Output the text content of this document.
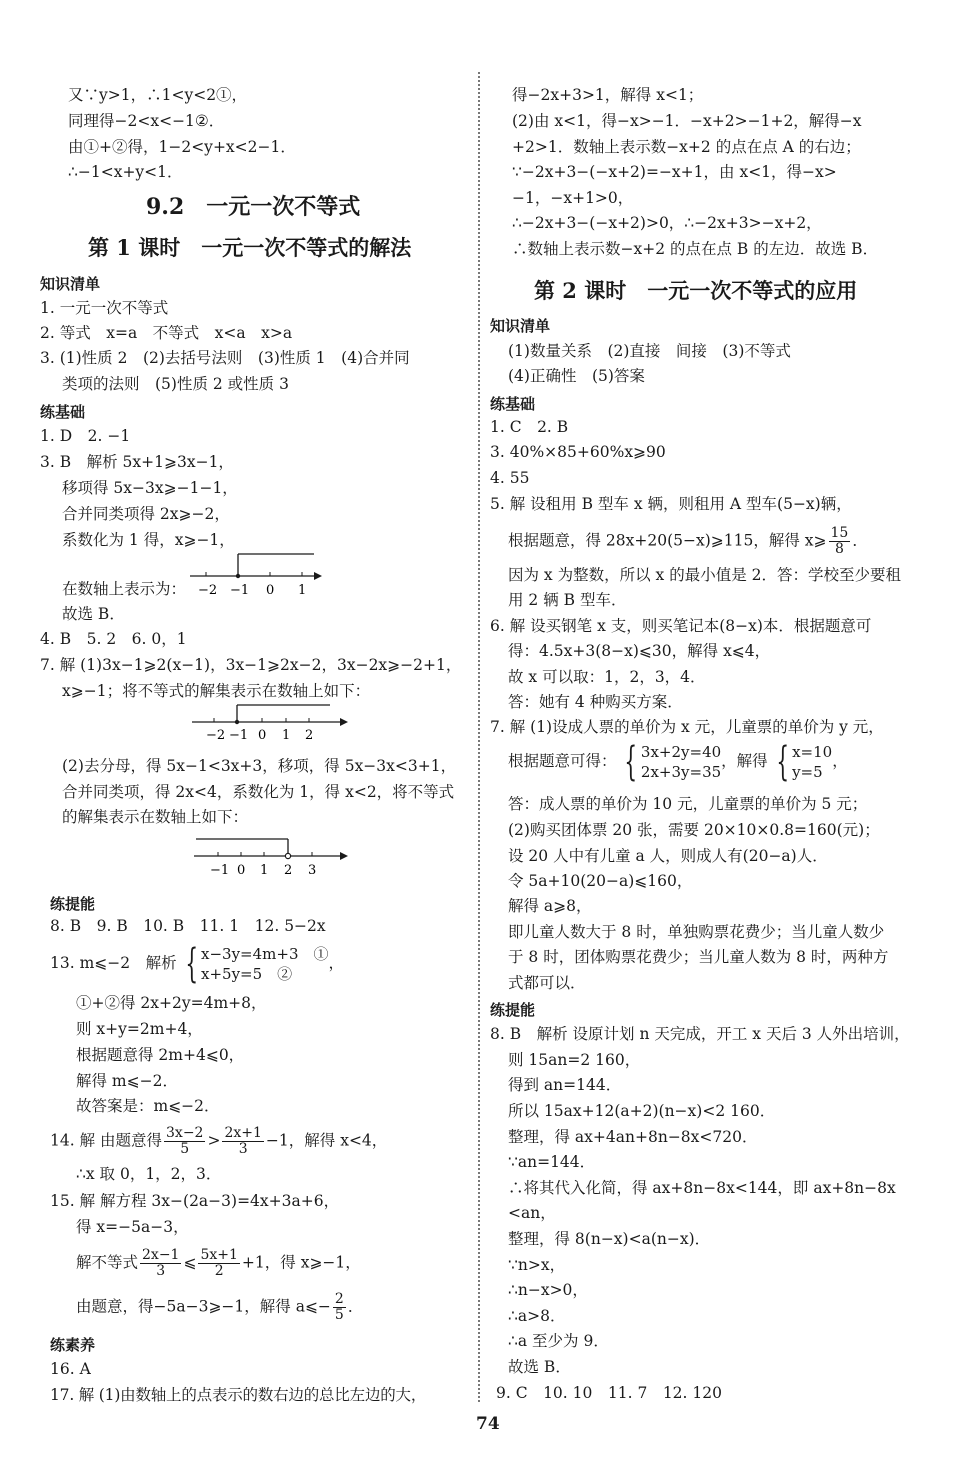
又∵y>1，∴1<y<2①，
同理得−2<x<−1②．
由①+②得，1−2<y+x<2−1．
∴−1<x+y<1．
9.2　一元一次不等式
第 1 课时　一元一次不等式的解法
知识清单
1. 一元一次不等式
2. 等式　x=a　不等式　x<a　x>a
3. (1)性质 2　(2)去括号法则　(3)性质 1　(4)合并同
类项的法则　(5)性质 2 或性质 3
练基础
1. D　2. −1
3. B　解析 5x+1⩾3x−1，
移项得 5x−3x⩾−1−1，
合并同类项得 2x⩾−2，
系数化为 1 得，x⩾−1，
在数轴上表示为： −2 −1 0 1
故选 B．
4. B　5. 2　6. 0，1
7. 解 (1)3x−1⩾2(x−1)，3x−1⩾2x−2，3x−2x⩾−2+1，
x⩾−1；将不等式的解集表示在数轴上如下：
−2 −1 0 1 2
(2)去分母，得 5x−1<3x+3，移项，得 5x−3x<3+1，
合并同类项，得 2x<4，系数化为 1，得 x<2，将不等式
的解集表示在数轴上如下：
−1 0 1 2 3
练提能
8. B　9. B　10. B　11. 1　12. 5−2x
13. m⩽−2　解析 { x−3y=4m+3　①
x+5y=5　②
，
①+②得 2x+2y=4m+8，
则 x+y=2m+4，
根据题意得 2m+4⩽0，
解得 m⩽−2．
故答案是：m⩽−2．
14. 解 由题意得 $\frac{3x-2}{5} > \frac{2x+1}{3} -1$，解得 x<4，
∴x 取 0，1，2，3．
15. 解 解方程 3x−(2a−3)=4x+3a+6，
得 x=−5a−3，
解不等式 $\frac{2x-1}{3}$ ⩽ $\frac{5x+1}{2} +1$，得 x⩾−1，
由题意，得−5a−3⩾−1，解得 a⩽− $\frac{2}{5}$ ．
练素养
16. A
17. 解 (1)由数轴上的点表示的数右边的总比左边的大，
得−2x+3>1，解得 x<1；
(2)由 x<1，得−x>−1．−x+2>−1+2，解得−x
+2>1．数轴上表示数−x+2 的点在点 A 的右边；
∵−2x+3−(−x+2)=−x+1，由 x<1，得−x>
−1，−x+1>0，
∴−2x+3−(−x+2)>0，∴−2x+3>−x+2，
∴数轴上表示数−x+2 的点在点 B 的左边．故选 B．
第 2 课时　一元一次不等式的应用
知识清单
(1)数量关系　(2)直接　间接　(3)不等式
(4)正确性　(5)答案
练基础
1. C　2. B
3. 40%×85+60%x⩾90
4. 55
5. 解 设租用 B 型车 x 辆，则租用 A 型车(5−x)辆，
根据题意，得 28x+20(5−x)⩾115，解得 x⩾ $\frac{15}{8}$ ．
因为 x 为整数，所以 x 的最小值是 2．答：学校至少要租
用 2 辆 B 型车．
6. 解 设买钢笔 x 支，则买笔记本(8−x)本．根据题意可
得：4.5x+3(8−x)⩽30，解得 x⩽4，
故 x 可以取：1，2，3，4．
答：她有 4 种购买方案．
7. 解 (1)设成人票的单价为 x 元，儿童票的单价为 y 元，
根据题意可得： { 3x+2y=40
2x+3y=35
，解得 { x=10
y=5
，
答：成人票的单价为 10 元，儿童票的单价为 5 元；
(2)购买团体票 20 张，需要 20×10×0.8=160(元)；
设 20 人中有儿童 a 人，则成人有(20−a)人．
令 5a+10(20−a)⩽160，
解得 a⩾8，
即儿童人数大于 8 时，单独购票花费少；当儿童人数少
于 8 时，团体购票花费少；当儿童人数为 8 时，两种方
式都可以．
练提能
8. B　解析 设原计划 n 天完成，开工 x 天后 3 人外出培训，
则 15an=2 160，
得到 an=144．
所以 15ax+12(a+2)(n−x)<2 160．
整理，得 ax+4an+8n−8x<720．
∵an=144．
∴将其代入化简，得 ax+8n−8x<144，即 ax+8n−8x
<an，
整理，得 8(n−x)<a(n−x)．
∵n>x，
∴n−x>0，
∴a>8．
∴a 至少为 9．
故选 B．
9. C　10. 10　11. 7　12. 120
74
